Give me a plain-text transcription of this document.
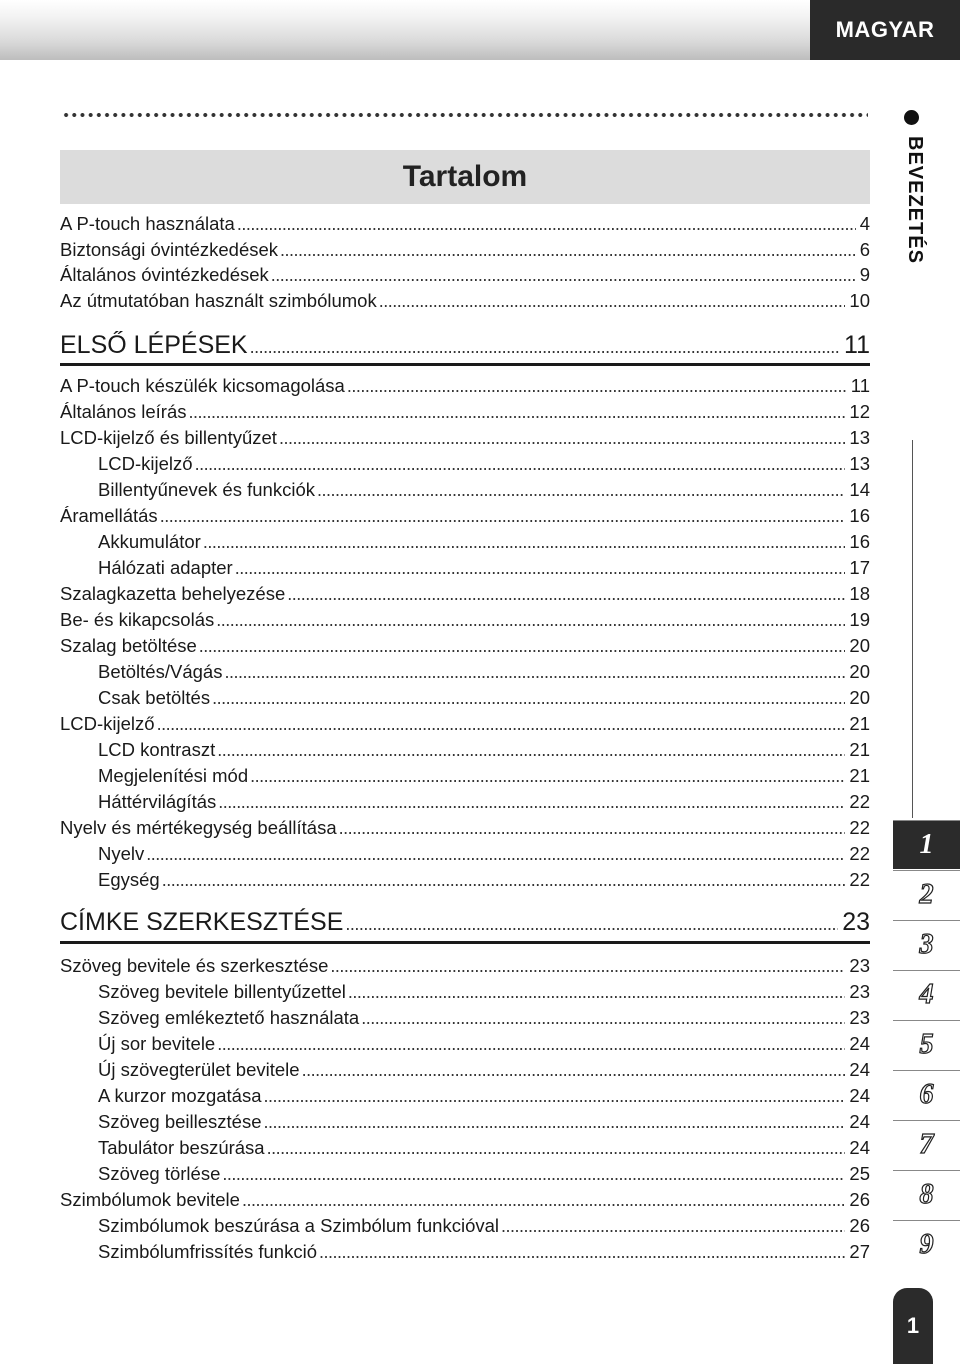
MAGYAR
Tartalom
A P-touch használata .....	4
Biztonsági óvintézkedések .....	6
Általános óvintézkedések .....	9
Az útmutatóban használt szimbólumok .....	10
ELSŐ LÉPÉSEK .....	11
A P-touch készülék kicsomagolása .....	11
Általános leírás .....	12
LCD-kijelző és billentyűzet .....	13
LCD-kijelző .....	13
Billentyűnevek és funkciók .....	14
Áramellátás .....	16
Akkumulátor .....	16
Hálózati adapter .....	17
Szalagkazetta behelyezése .....	18
Be- és kikapcsolás .....	19
Szalag betöltése .....	20
Betöltés/Vágás .....	20
Csak betöltés .....	20
LCD-kijelző .....	21
LCD kontraszt .....	21
Megjelenítési mód .....	21
Háttérvilágítás .....	22
Nyelv és mértékegység beállítása .....	22
Nyelv .....	22
Egység .....	22
CÍMKE SZERKESZTÉSE .....	23
Szöveg bevitele és szerkesztése .....	23
Szöveg bevitele billentyűzettel .....	23
Szöveg emlékeztető használata .....	23
Új sor bevitele .....	24
Új szövegterület bevitele .....	24
A kurzor mozgatása .....	24
Szöveg beillesztése .....	24
Tabulátor beszúrása .....	24
Szöveg törlése .....	25
Szimbólumok bevitele .....	26
Szimbólumok beszúrása a Szimbólum funkcióval .....	26
Szimbólumfrissítés funkció .....	27
BEVEZETÉS
1
2
3
4
5
6
7
8
9
1
